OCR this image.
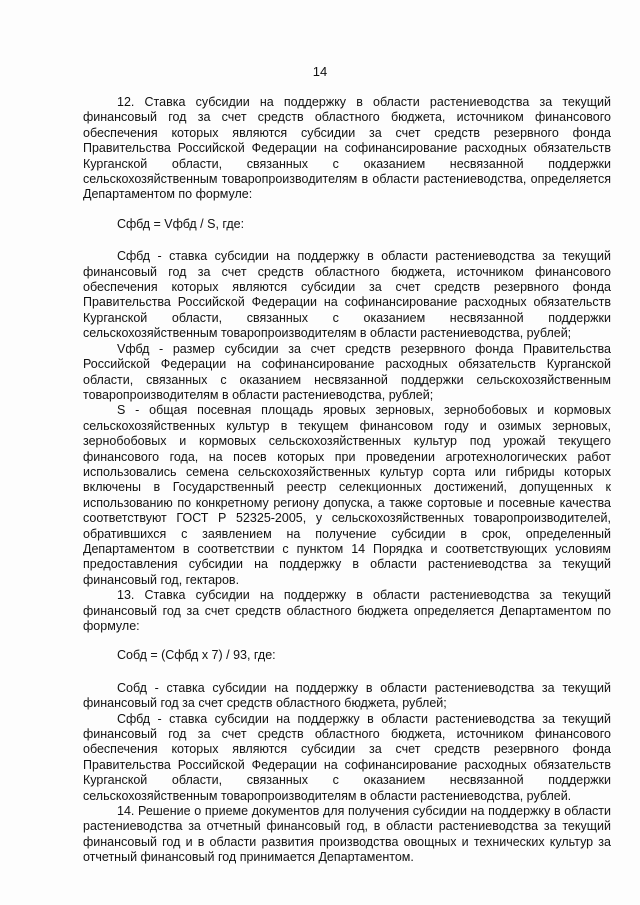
14

12. Ставка субсидии на поддержку в области растениеводства за текущий финансовый год за счет средств областного бюджета, источником финансового обеспечения которых являются субсидии за счет средств резервного фонда Правительства Российской Федерации на софинансирование расходных обязательств Курганской области, связанных с оказанием несвязанной поддержки сельскохозяйственным товаропроизводителям в области растениеводства, определяется Департаментом по формуле:

Сфбд = Vфбд / S, где:

Сфбд - ставка субсидии на поддержку в области растениеводства за текущий финансовый год за счет средств областного бюджета, источником финансового обеспечения которых являются субсидии за счет средств резервного фонда Правительства Российской Федерации на софинансирование расходных обязательств Курганской области, связанных с оказанием несвязанной поддержки сельскохозяйственным товаропроизводителям в области растениеводства, рублей;

Vфбд - размер субсидии за счет средств резервного фонда Правительства Российской Федерации на софинансирование расходных обязательств Курганской области, связанных с оказанием несвязанной поддержки сельскохозяйственным товаропроизводителям в области растениеводства, рублей;

S - общая посевная площадь яровых зерновых, зернобобовых и кормовых сельскохозяйственных культур в текущем финансовом году и озимых зерновых, зернобобовых и кормовых сельскохозяйственных культур под урожай текущего финансового года, на посев которых при проведении агротехнологических работ использовались семена сельскохозяйственных культур сорта или гибриды которых включены в Государственный реестр селекционных достижений, допущенных к использованию по конкретному региону допуска, а также сортовые и посевные качества соответствуют ГОСТ Р 52325-2005, у сельскохозяйственных товаропроизводителей, обратившихся с заявлением на получение субсидии в срок, определенный Департаментом в соответствии с пунктом 14 Порядка и соответствующих условиям предоставления субсидии на поддержку в области растениеводства за текущий финансовый год, гектаров.

13. Ставка субсидии на поддержку в области растениеводства за текущий финансовый год за счет средств областного бюджета определяется Департаментом по формуле:

Собд = (Сфбд х 7) / 93, где:

Собд - ставка субсидии на поддержку в области растениеводства за текущий финансовый год за счет средств областного бюджета, рублей;

Сфбд - ставка субсидии на поддержку в области растениеводства за текущий финансовый год за счет средств областного бюджета, источником финансового обеспечения которых являются субсидии за счет средств резервного фонда Правительства Российской Федерации на софинансирование расходных обязательств Курганской области, связанных с оказанием несвязанной поддержки сельскохозяйственным товаропроизводителям в области растениеводства, рублей.

14. Решение о приеме документов для получения субсидии на поддержку в области растениеводства за отчетный финансовый год, в области растениеводства за текущий финансовый год и в области развития производства овощных и технических культур за отчетный финансовый год принимается Департаментом.
